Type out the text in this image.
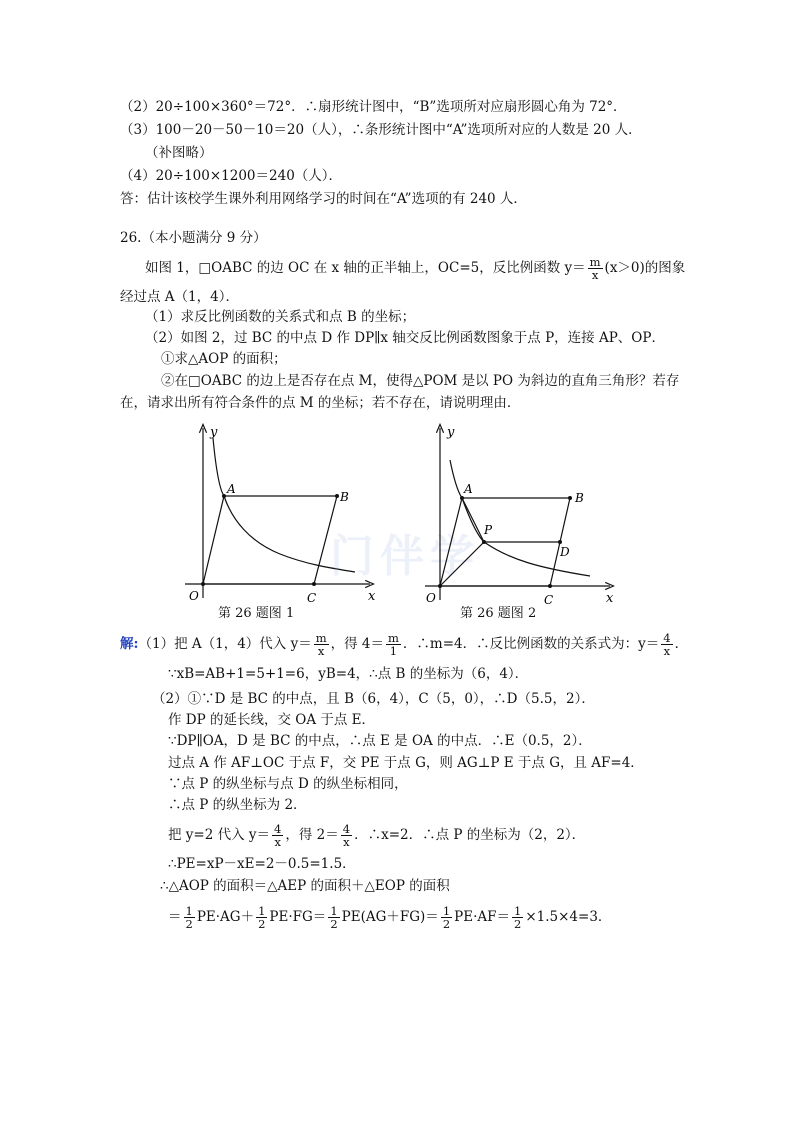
（2）20÷100×360°＝72°．∴扇形统计图中，“B”选项所对应扇形圆心角为 72°．
（3）100－20－50－10＝20（人），∴条形统计图中“A”选项所对应的人数是 20 人．
（补图略）
（4）20÷100×1200＝240（人）．
答：估计该校学生课外利用网络学习的时间在“A”选项的有 240 人．
26.（本小题满分 9 分）
如图 1，□OABC 的边 OC 在 x 轴的正半轴上，OC=5，反比例函数 $y= \frac{m}{x} (x>0)$的图象
经过点 A（1，4）．
（1）求反比例函数的关系式和点 B 的坐标；
（2）如图 2，过 BC 的中点 D 作 DP∥x 轴交反比例函数图象于点 P，连接 AP、OP．
①求△AOP 的面积；
②在□OABC 的边上是否存在点 M，使得△POM 是以 PO 为斜边的直角三角形？若存
在，请求出所有符合条件的点 M 的坐标；若不存在，请说明理由．
y
x
A
B
O	C
第 26 题图 1
门伴学
y
x
A
B
P
D
O	C
第 26 题图 2
解:（1）把 A（1，4）代入 $y= \frac{m}{x}$ ，得 $4= \frac{m}{1}$ ．∴m=4．∴反比例函数的关系式为：$y= \frac{4}{x}$ ．
∵xB=AB+1=5+1=6，yB=4，∴点 B 的坐标为（6，4）．
（2）①∵D 是 BC 的中点，且 B（6，4），C（5，0），∴D（5.5，2）．
作 DP 的延长线，交 OA 于点 E．
∵DP∥OA，D 是 BC 的中点，∴点 E 是 OA 的中点．∴E（0.5，2）．
过点 A 作 AF⊥OC 于点 F，交 PE 于点 G，则 AG⊥P E 于点 G，且 AF=4．
∵点 P 的纵坐标与点 D 的纵坐标相同，
∴点 P 的纵坐标为 2．
把 y=2 代入 $y= \frac{4}{x}$ ，得 $2= \frac{4}{x}$ ．∴x=2．∴点 P 的坐标为（2，2）．
∴PE=xP－xE=2－0.5=1.5．
∴△AOP 的面积＝△AEP 的面积＋△EOP 的面积
＝ $\frac{1}{2} PE\cdot AG+ \frac{1}{2} PE\cdot FG= \frac{1}{2} PE(AG+FG)= \frac{1}{2} PE\cdot AF= \frac{1}{2} \times 1.5\times 4=3$．
